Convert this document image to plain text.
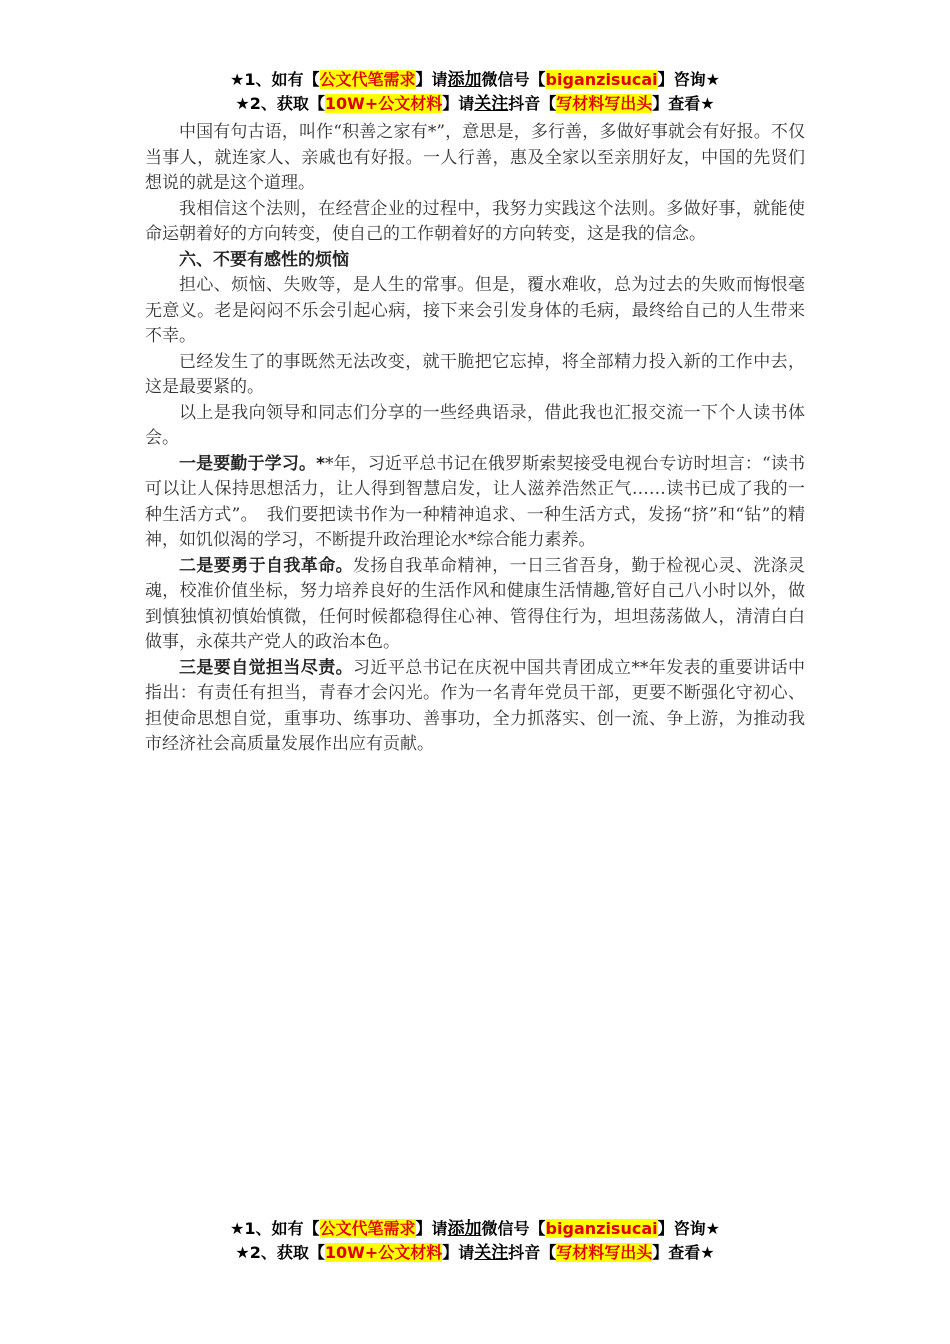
★1、如有【公文代笔需求】请添加微信号【biganzisucai】咨询★
★2、获取【10W+公文材料】请关注抖音【写材料写出头】查看★

中国有句古语，叫作“积善之家有*”，意思是，多行善，多做好事就会有好报。不仅当事人，就连家人、亲戚也有好报。一人行善，惠及全家以至亲朋好友，中国的先贤们想说的就是这个道理。

我相信这个法则，在经营企业的过程中，我努力实践这个法则。多做好事，就能使命运朝着好的方向转变，使自己的工作朝着好的方向转变，这是我的信念。

六、不要有感性的烦恼

担心、烦恼、失败等，是人生的常事。但是，覆水难收，总为过去的失败而悔恨毫无意义。老是闷闷不乐会引起心病，接下来会引发身体的毛病，最终给自己的人生带来不幸。

已经发生了的事既然无法改变，就干脆把它忘掉，将全部精力投入新的工作中去，这是最要紧的。

以上是我向领导和同志们分享的一些经典语录，借此我也汇报交流一下个人读书体会。

一是要勤于学习。**年，习近平总书记在俄罗斯索契接受电视台专访时坦言：“读书可以让人保持思想活力，让人得到智慧启发，让人滋养浩然正气……读书已成了我的一种生活方式”。　我们要把读书作为一种精神追求、一种生活方式，发扬“挤”和“钻”的精神，如饥似渴的学习，不断提升政治理论水*综合能力素养。

二是要勇于自我革命。发扬自我革命精神，一日三省吾身，勤于检视心灵、洗涤灵魂，校准价值坐标，努力培养良好的生活作风和健康生活情趣,管好自己八小时以外，做到慎独慎初慎始慎微，任何时候都稳得住心神、管得住行为，坦坦荡荡做人，清清白白做事，永葆共产党人的政治本色。

三是要自觉担当尽责。习近平总书记在庆祝中国共青团成立**年发表的重要讲话中指出：有责任有担当，青春才会闪光。作为一名青年党员干部，更要不断强化守初心、担使命思想自觉，重事功、练事功、善事功，全力抓落实、创一流、争上游，为推动我市经济社会高质量发展作出应有贡献。

★1、如有【公文代笔需求】请添加微信号【biganzisucai】咨询★
★2、获取【10W+公文材料】请关注抖音【写材料写出头】查看★
